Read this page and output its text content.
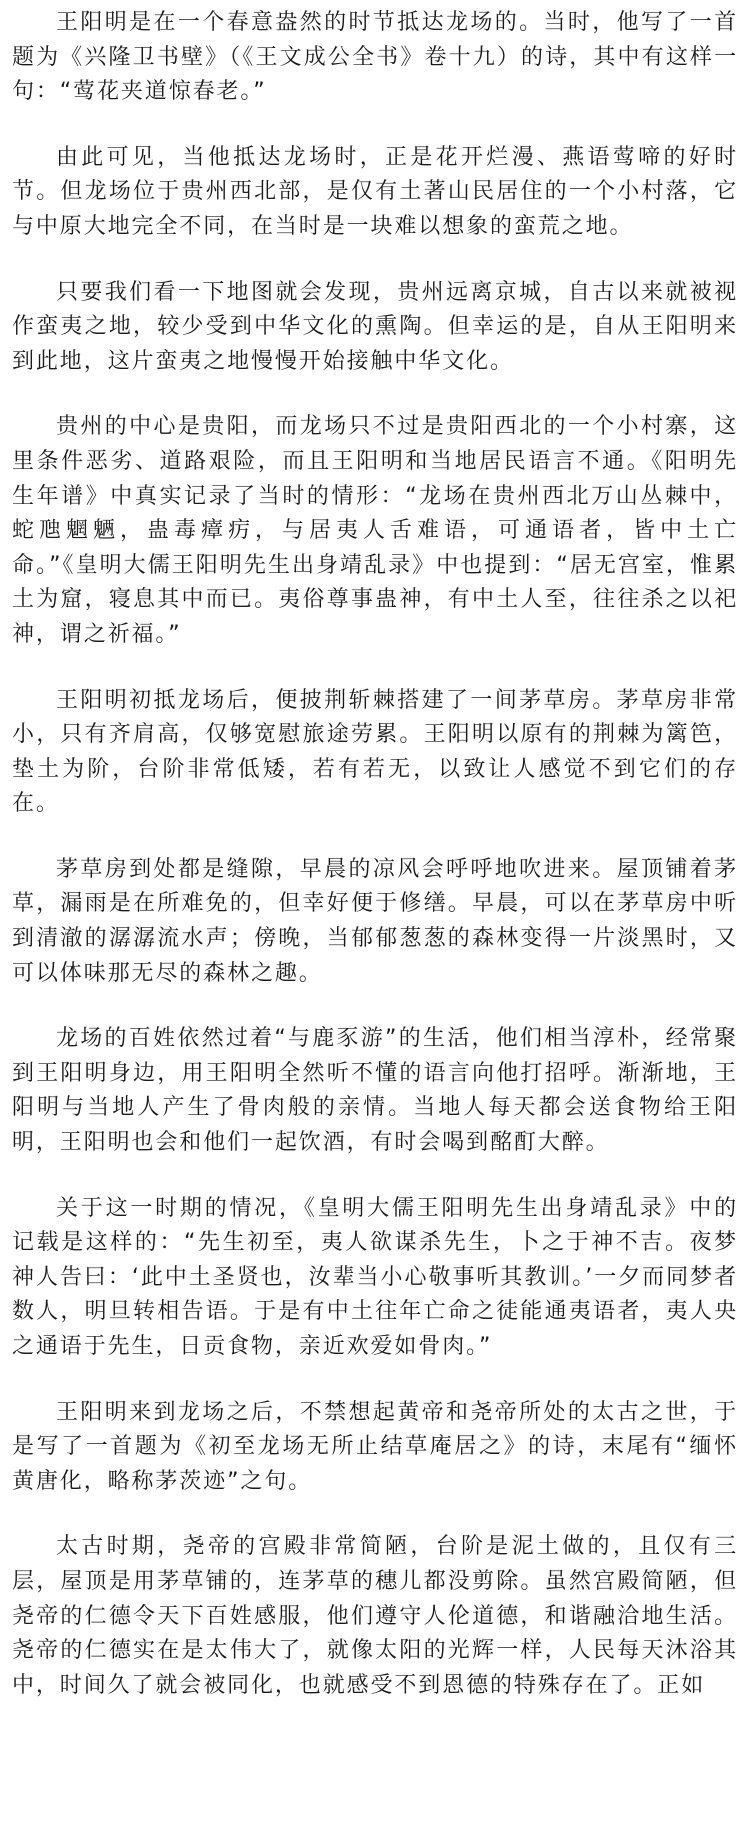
王阳明是在一个春意盎然的时节抵达龙场的。当时，他写了一首题为《兴隆卫书壁》（《王文成公全书》卷十九）的诗，其中有这样一句：“莺花夹道惊春老。”

由此可见，当他抵达龙场时，正是花开烂漫、燕语莺啼的好时节。但龙场位于贵州西北部，是仅有土著山民居住的一个小村落，它与中原大地完全不同，在当时是一块难以想象的蛮荒之地。

只要我们看一下地图就会发现，贵州远离京城，自古以来就被视作蛮夷之地，较少受到中华文化的熏陶。但幸运的是，自从王阳明来到此地，这片蛮夷之地慢慢开始接触中华文化。

贵州的中心是贵阳，而龙场只不过是贵阳西北的一个小村寨，这里条件恶劣、道路艰险，而且王阳明和当地居民语言不通。《阳明先生年谱》中真实记录了当时的情形：“龙场在贵州西北万山丛棘中，蛇虺魍魉，蛊毒瘴疠，与居夷人舌难语，可通语者，皆中土亡命。”《皇明大儒王阳明先生出身靖乱录》中也提到：“居无宫室，惟累土为窟，寝息其中而已。夷俗尊事蛊神，有中土人至，往往杀之以祀神，谓之祈福。”

王阳明初抵龙场后，便披荆斩棘搭建了一间茅草房。茅草房非常小，只有齐肩高，仅够宽慰旅途劳累。王阳明以原有的荆棘为篱笆，垫土为阶，台阶非常低矮，若有若无，以致让人感觉不到它们的存在。

茅草房到处都是缝隙，早晨的凉风会呼呼地吹进来。屋顶铺着茅草，漏雨是在所难免的，但幸好便于修缮。早晨，可以在茅草房中听到清澈的潺潺流水声；傍晚，当郁郁葱葱的森林变得一片淡黑时，又可以体味那无尽的森林之趣。

龙场的百姓依然过着“与鹿豕游”的生活，他们相当淳朴，经常聚到王阳明身边，用王阳明全然听不懂的语言向他打招呼。渐渐地，王阳明与当地人产生了骨肉般的亲情。当地人每天都会送食物给王阳明，王阳明也会和他们一起饮酒，有时会喝到酩酊大醉。

关于这一时期的情况，《皇明大儒王阳明先生出身靖乱录》中的记载是这样的：“先生初至，夷人欲谋杀先生，卜之于神不吉。夜梦神人告曰：‘此中土圣贤也，汝辈当小心敬事听其教训。’一夕而同梦者数人，明旦转相告语。于是有中土往年亡命之徒能通夷语者，夷人央之通语于先生，日贡食物，亲近欢爱如骨肉。”

王阳明来到龙场之后，不禁想起黄帝和尧帝所处的太古之世，于是写了一首题为《初至龙场无所止结草庵居之》的诗，末尾有“缅怀黄唐化，略称茅茨迹”之句。

太古时期，尧帝的宫殿非常简陋，台阶是泥土做的，且仅有三层，屋顶是用茅草铺的，连茅草的穗儿都没剪除。虽然宫殿简陋，但尧帝的仁德令天下百姓感服，他们遵守人伦道德，和谐融洽地生活。尧帝的仁德实在是太伟大了，就像太阳的光辉一样，人民每天沐浴其中，时间久了就会被同化，也就感受不到恩德的特殊存在了。正如
